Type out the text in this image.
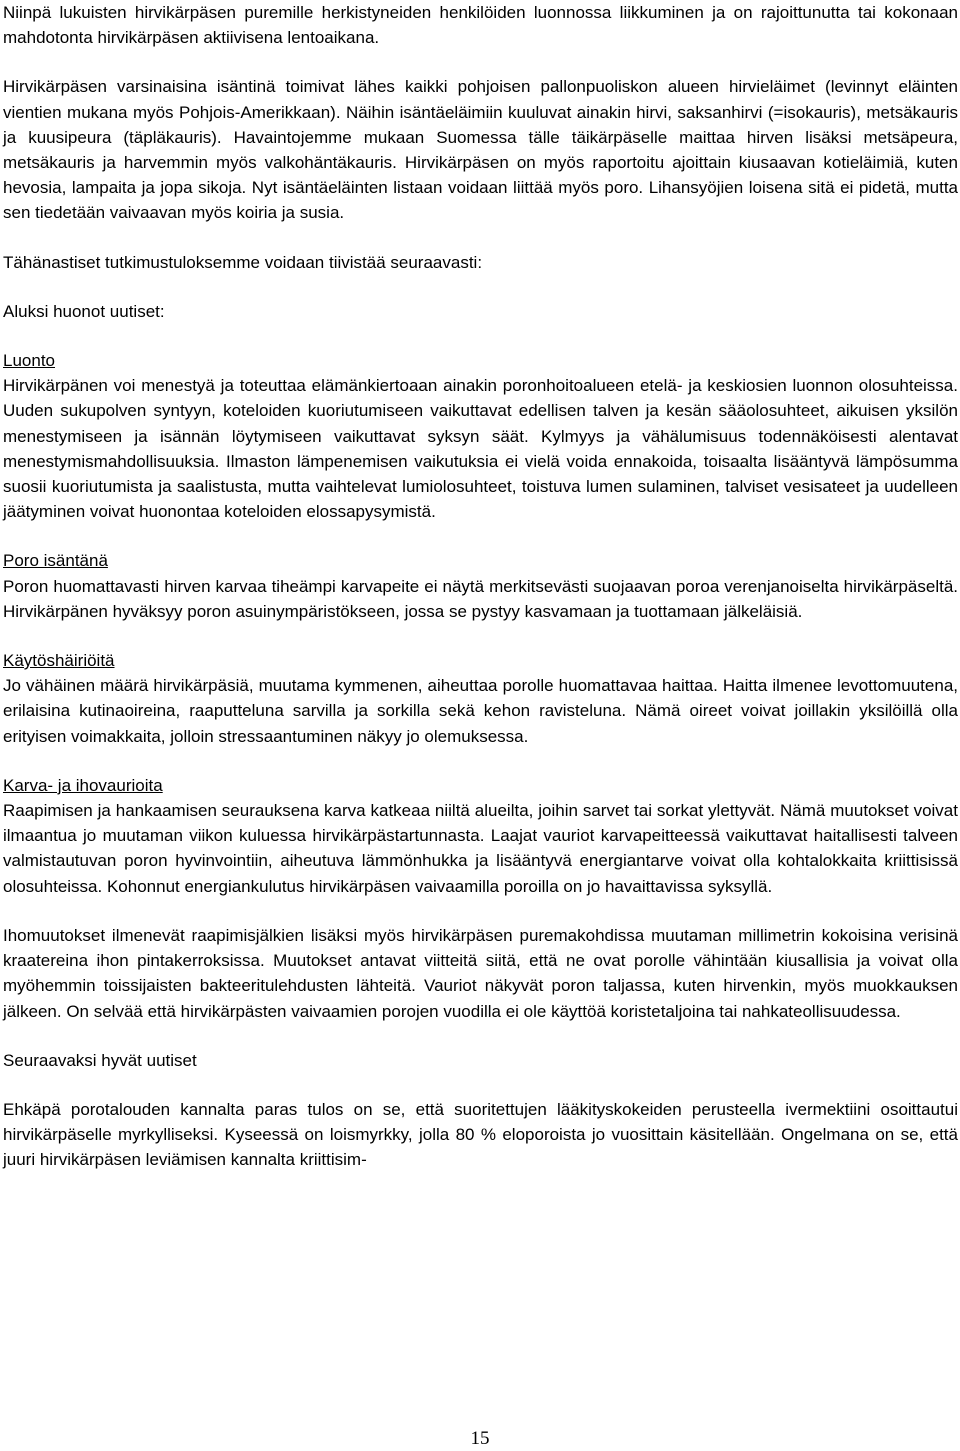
Niinpä lukuisten hirvikärpäsen puremille herkistyneiden henkilöiden luonnossa liikkuminen ja on rajoittunutta tai kokonaan mahdotonta hirvikärpäsen aktiivisena lentoaikana.

Hirvikärpäsen varsinaisina isäntinä toimivat lähes kaikki pohjoisen pallonpuoliskon alueen hirvieläimet (levinnyt eläinten vientien mukana myös Pohjois-Amerikkaan). Näihin isäntäeläimiin kuuluvat ainakin hirvi, saksanhirvi (=isokauris), metsäkauris ja kuusipeura (täpläkauris). Havaintojemme mukaan Suomessa tälle täikärpäselle maittaa hirven lisäksi metsäpeura, metsäkauris ja harvemmin myös valkohäntäkauris. Hirvikärpäsen on myös raportoitu ajoittain kiusaavan kotieläimiä, kuten hevosia, lampaita ja jopa sikoja. Nyt isäntäeläinten listaan voidaan liittää myös poro. Lihansyöjien loisena sitä ei pidetä, mutta sen tiedetään vaivaavan myös koiria ja susia.

Tähänastiset tutkimustuloksemme voidaan tiivistää seuraavasti:

Aluksi huonot uutiset:

Luonto
Hirvikärpänen voi menestyä ja toteuttaa elämänkiertoaan ainakin poronhoitoalueen etelä- ja keskiosien luonnon olosuhteissa. Uuden sukupolven syntyyn, koteloiden kuoriutumiseen vaikuttavat edellisen talven ja kesän sääolosuhteet, aikuisen yksilön menestymiseen ja isännän löytymiseen vaikuttavat syksyn säät. Kylmyys ja vähälumisuus todennäköisesti alentavat menestymismahdollisuuksia. Ilmaston lämpenemisen vaikutuksia ei vielä voida ennakoida, toisaalta lisääntyvä lämpösumma suosii kuoriutumista ja saalistusta, mutta vaihtelevat lumiolosuhteet, toistuva lumen sulaminen, talviset vesisateet ja uudelleen jäätyminen voivat huonontaa koteloiden elossapysymistä.

Poro isäntänä
Poron huomattavasti hirven karvaa tiheämpi karvapeite ei näytä merkitsevästi suojaavan poroa verenjanoiselta hirvikärpäseltä. Hirvikärpänen hyväksyy poron asuinympäristökseen, jossa se pystyy kasvamaan ja tuottamaan jälkeläisiä.

Käytöshäiriöitä
Jo vähäinen määrä hirvikärpäsiä, muutama kymmenen, aiheuttaa porolle huomattavaa haittaa. Haitta ilmenee levottomuutena, erilaisina kutinaoireina, raaputteluna sarvilla ja sorkilla sekä kehon ravisteluna. Nämä oireet voivat joillakin yksilöillä olla erityisen voimakkaita, jolloin stressaantuminen näkyy jo olemuksessa.

Karva- ja ihovaurioita
Raapimisen ja hankaamisen seurauksena karva katkeaa niiltä alueilta, joihin sarvet tai sorkat ylettyvät. Nämä muutokset voivat ilmaantua jo muutaman viikon kuluessa hirvikärpästartunnasta. Laajat vauriot karvapeitteessä vaikuttavat haitallisesti talveen valmistautuvan poron hyvinvointiin, aiheutuva lämmönhukka ja lisääntyvä energiantarve voivat olla kohtalokkaita kriittisissä olosuhteissa. Kohonnut energiankulutus hirvikärpäsen vaivaamilla poroilla on jo havaittavissa syksyllä.

Ihomuutokset ilmenevät raapimisjälkien lisäksi myös hirvikärpäsen puremakohdissa muutaman millimetrin kokoisina verisinä kraatereina ihon pintakerroksissa. Muutokset antavat viitteitä siitä, että ne ovat porolle vähintään kiusallisia ja voivat olla myöhemmin toissijaisten bakteeritulehdusten lähteitä. Vauriot näkyvät poron taljassa, kuten hirvenkin, myös muokkauksen jälkeen. On selvää että hirvikärpästen vaivaamien porojen vuodilla ei ole käyttöä koristetaljoina tai nahkateollisuudessa.

Seuraavaksi hyvät uutiset

Ehkäpä porotalouden kannalta paras tulos on se, että suoritettujen lääkityskokeiden perusteella ivermektiini osoittautui hirvikärpäselle myrkylliseksi. Kyseessä on loismyrkky, jolla 80 % eloporoista jo vuosittain käsitellään. Ongelmana on se, että juuri hirvikärpäsen leviämisen kannalta kriittisim-

15
